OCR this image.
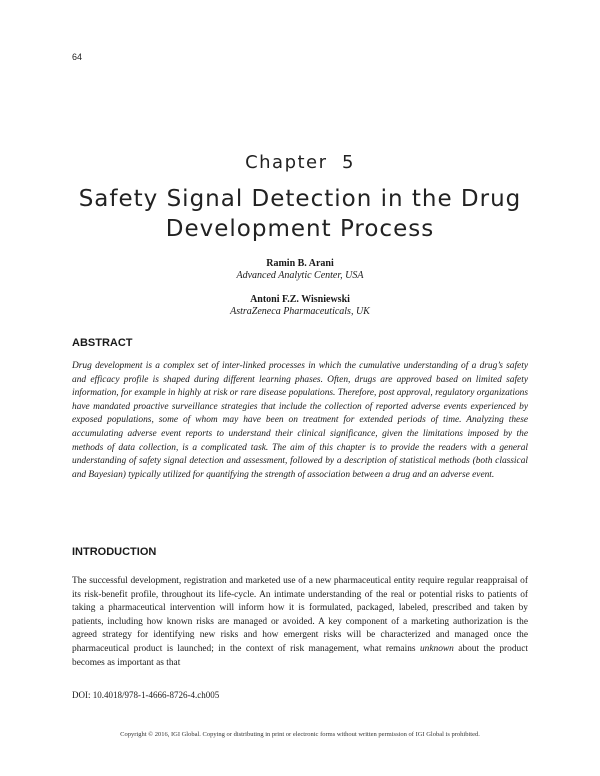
64
Chapter  5
Safety Signal Detection in the Drug Development Process
Ramin B. Arani
Advanced Analytic Center, USA
Antoni F.Z. Wisniewski
AstraZeneca Pharmaceuticals, UK
ABSTRACT
Drug development is a complex set of inter-linked processes in which the cumulative understanding of a drug’s safety and efficacy profile is shaped during different learning phases. Often, drugs are approved based on limited safety information, for example in highly at risk or rare disease populations. Therefore, post approval, regulatory organizations have mandated proactive surveillance strategies that include the collection of reported adverse events experienced by exposed populations, some of whom may have been on treatment for extended periods of time. Analyzing these accumulating adverse event reports to understand their clinical significance, given the limitations imposed by the methods of data collection, is a complicated task. The aim of this chapter is to provide the readers with a general understanding of safety signal detection and assessment, followed by a description of statistical methods (both classical and Bayesian) typically utilized for quantifying the strength of association between a drug and an adverse event.
INTRODUCTION
The successful development, registration and marketed use of a new pharmaceutical entity require regular reappraisal of its risk-benefit profile, throughout its life-cycle. An intimate understanding of the real or potential risks to patients of taking a pharmaceutical intervention will inform how it is formulated, packaged, labeled, prescribed and taken by patients, including how known risks are managed or avoided. A key component of a marketing authorization is the agreed strategy for identifying new risks and how emergent risks will be characterized and managed once the pharmaceutical product is launched; in the context of risk management, what remains unknown about the product becomes as important as that
DOI: 10.4018/978-1-4666-8726-4.ch005
Copyright © 2016, IGI Global. Copying or distributing in print or electronic forms without written permission of IGI Global is prohibited.
